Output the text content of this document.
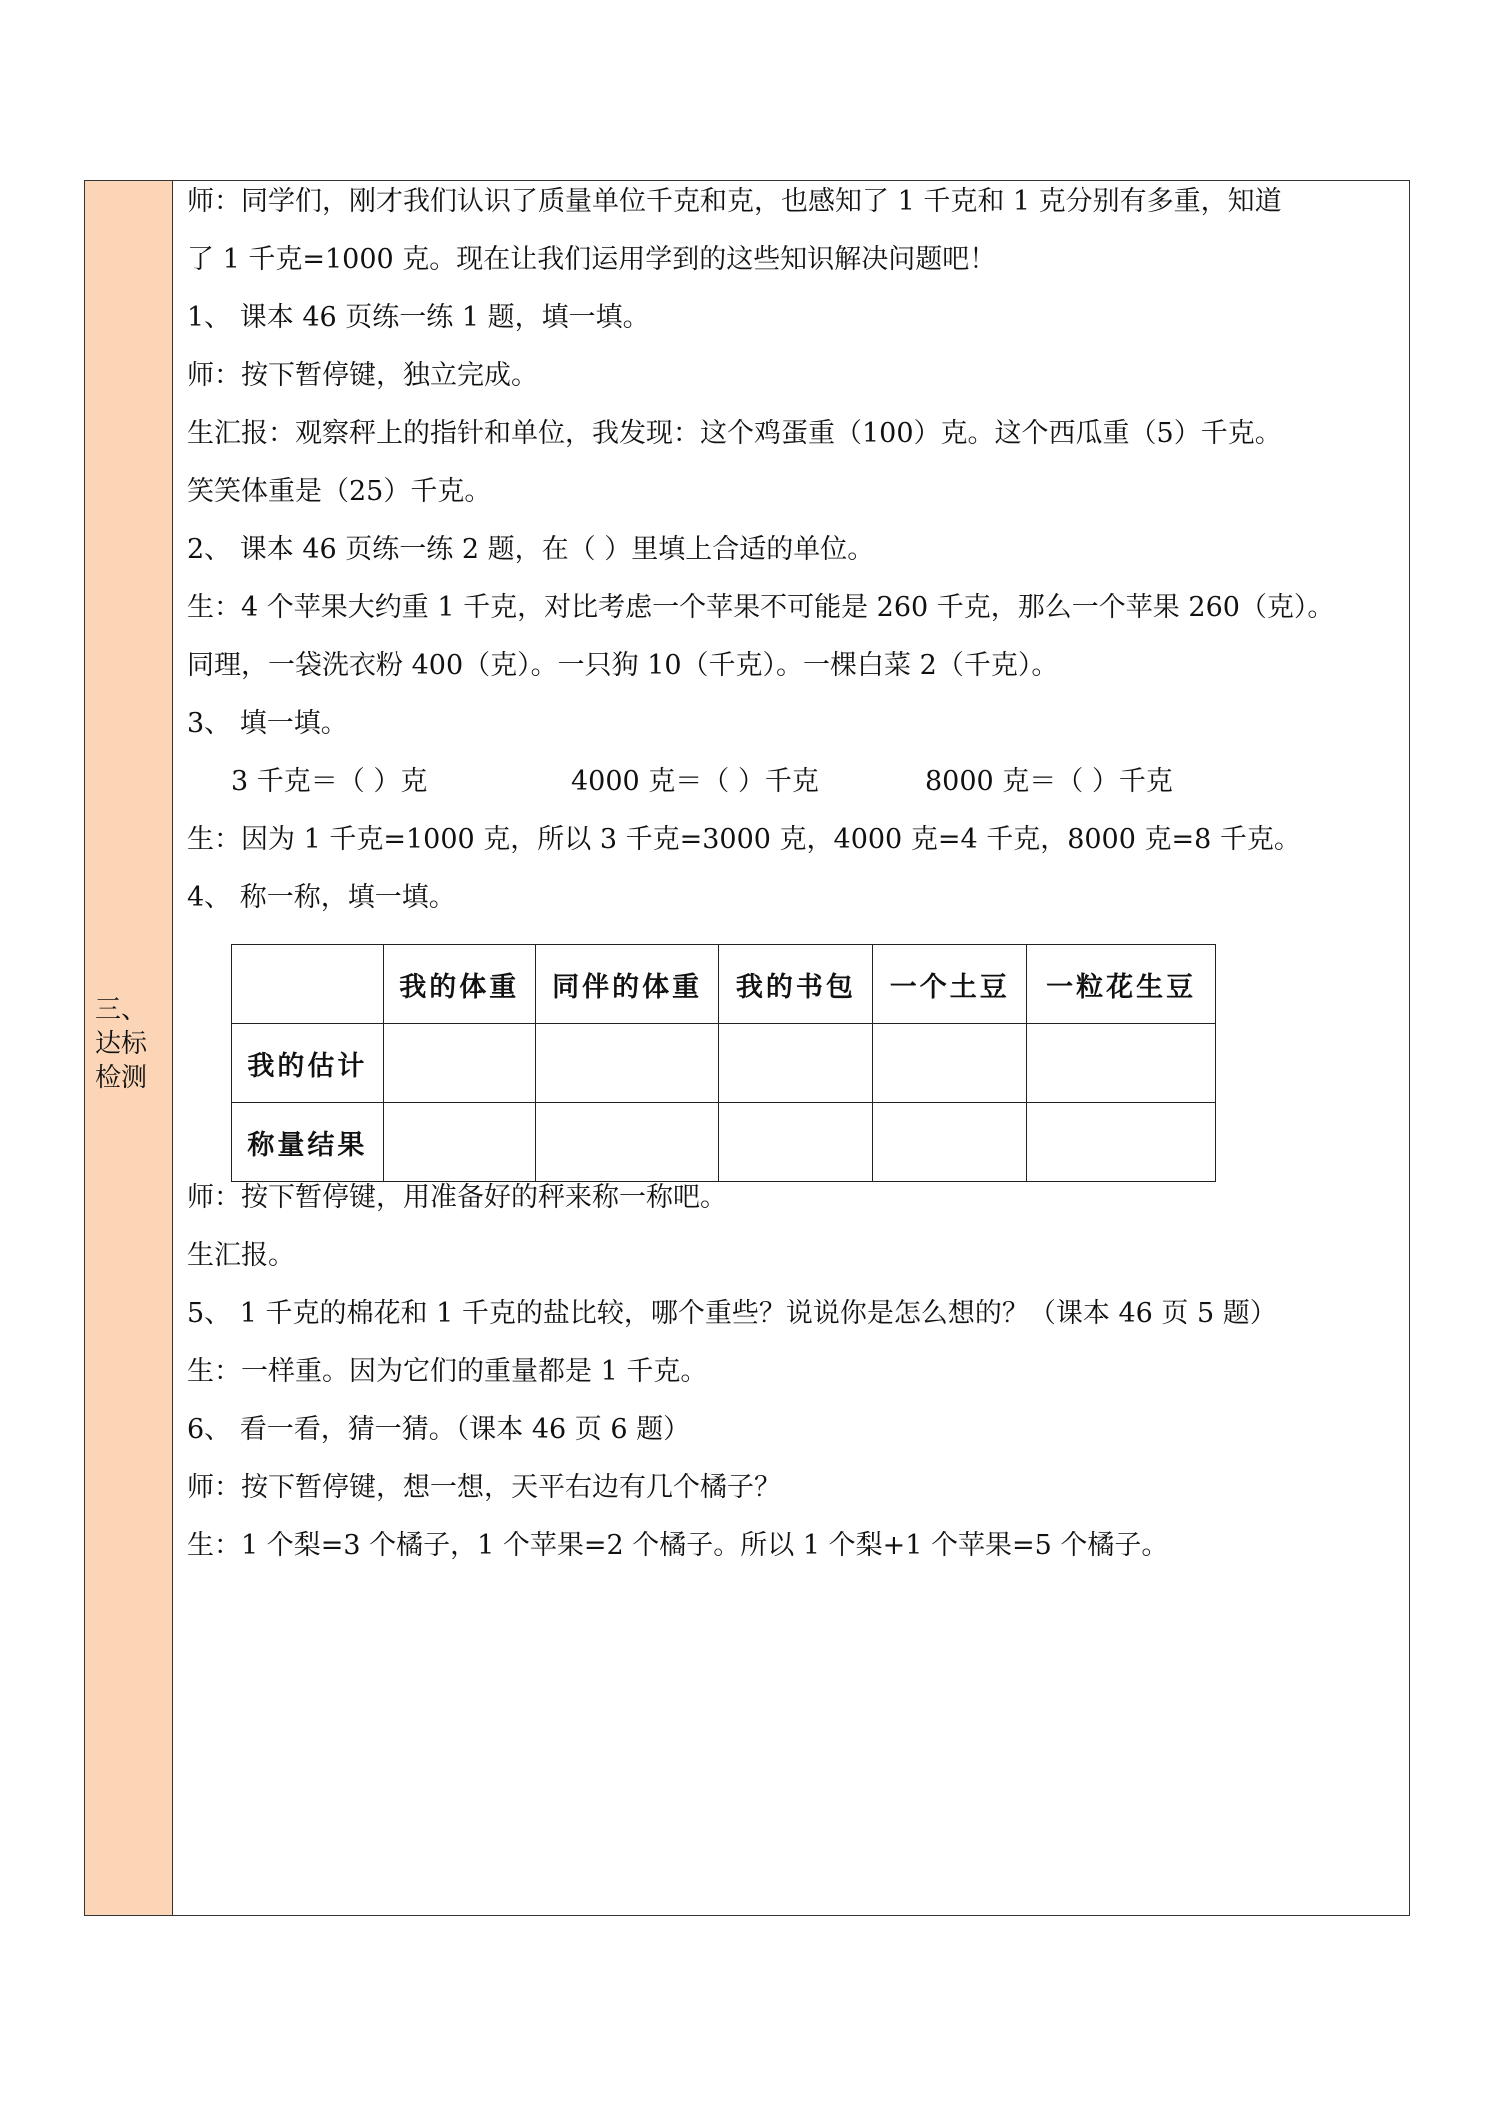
三、
达标
检测
师：同学们，刚才我们认识了质量单位千克和克，也感知了 1 千克和 1 克分别有多重，知道
了 1 千克=1000 克。现在让我们运用学到的这些知识解决问题吧！
1、 课本 46 页练一练 1 题，填一填。
师：按下暂停键，独立完成。
生汇报：观察秤上的指针和单位，我发现：这个鸡蛋重（100）克。这个西瓜重（5）千克。
笑笑体重是（25）千克。
2、 课本 46 页练一练 2 题，在（ ）里填上合适的单位。
生：4 个苹果大约重 1 千克，对比考虑一个苹果不可能是 260 千克，那么一个苹果 260（克）。
同理，一袋洗衣粉 400（克）。一只狗 10（千克）。一棵白菜 2（千克）。
3、 填一填。
3 千克＝（ ）克	4000 克＝（ ）千克	8000 克＝（ ）千克
生：因为 1 千克=1000 克，所以 3 千克=3000 克，4000 克=4 千克，8000 克=8 千克。
4、 称一称，填一填。
	我的体重	同伴的体重	我的书包	一个土豆	一粒花生豆
我的估计					
称量结果					
师：按下暂停键，用准备好的秤来称一称吧。
生汇报。
5、 1 千克的棉花和 1 千克的盐比较，哪个重些？说说你是怎么想的？（课本 46 页 5 题）
生：一样重。因为它们的重量都是 1 千克。
6、 看一看，猜一猜。（课本 46 页 6 题）
师：按下暂停键，想一想，天平右边有几个橘子？
生：1 个梨=3 个橘子，1 个苹果=2 个橘子。所以 1 个梨+1 个苹果=5 个橘子。
